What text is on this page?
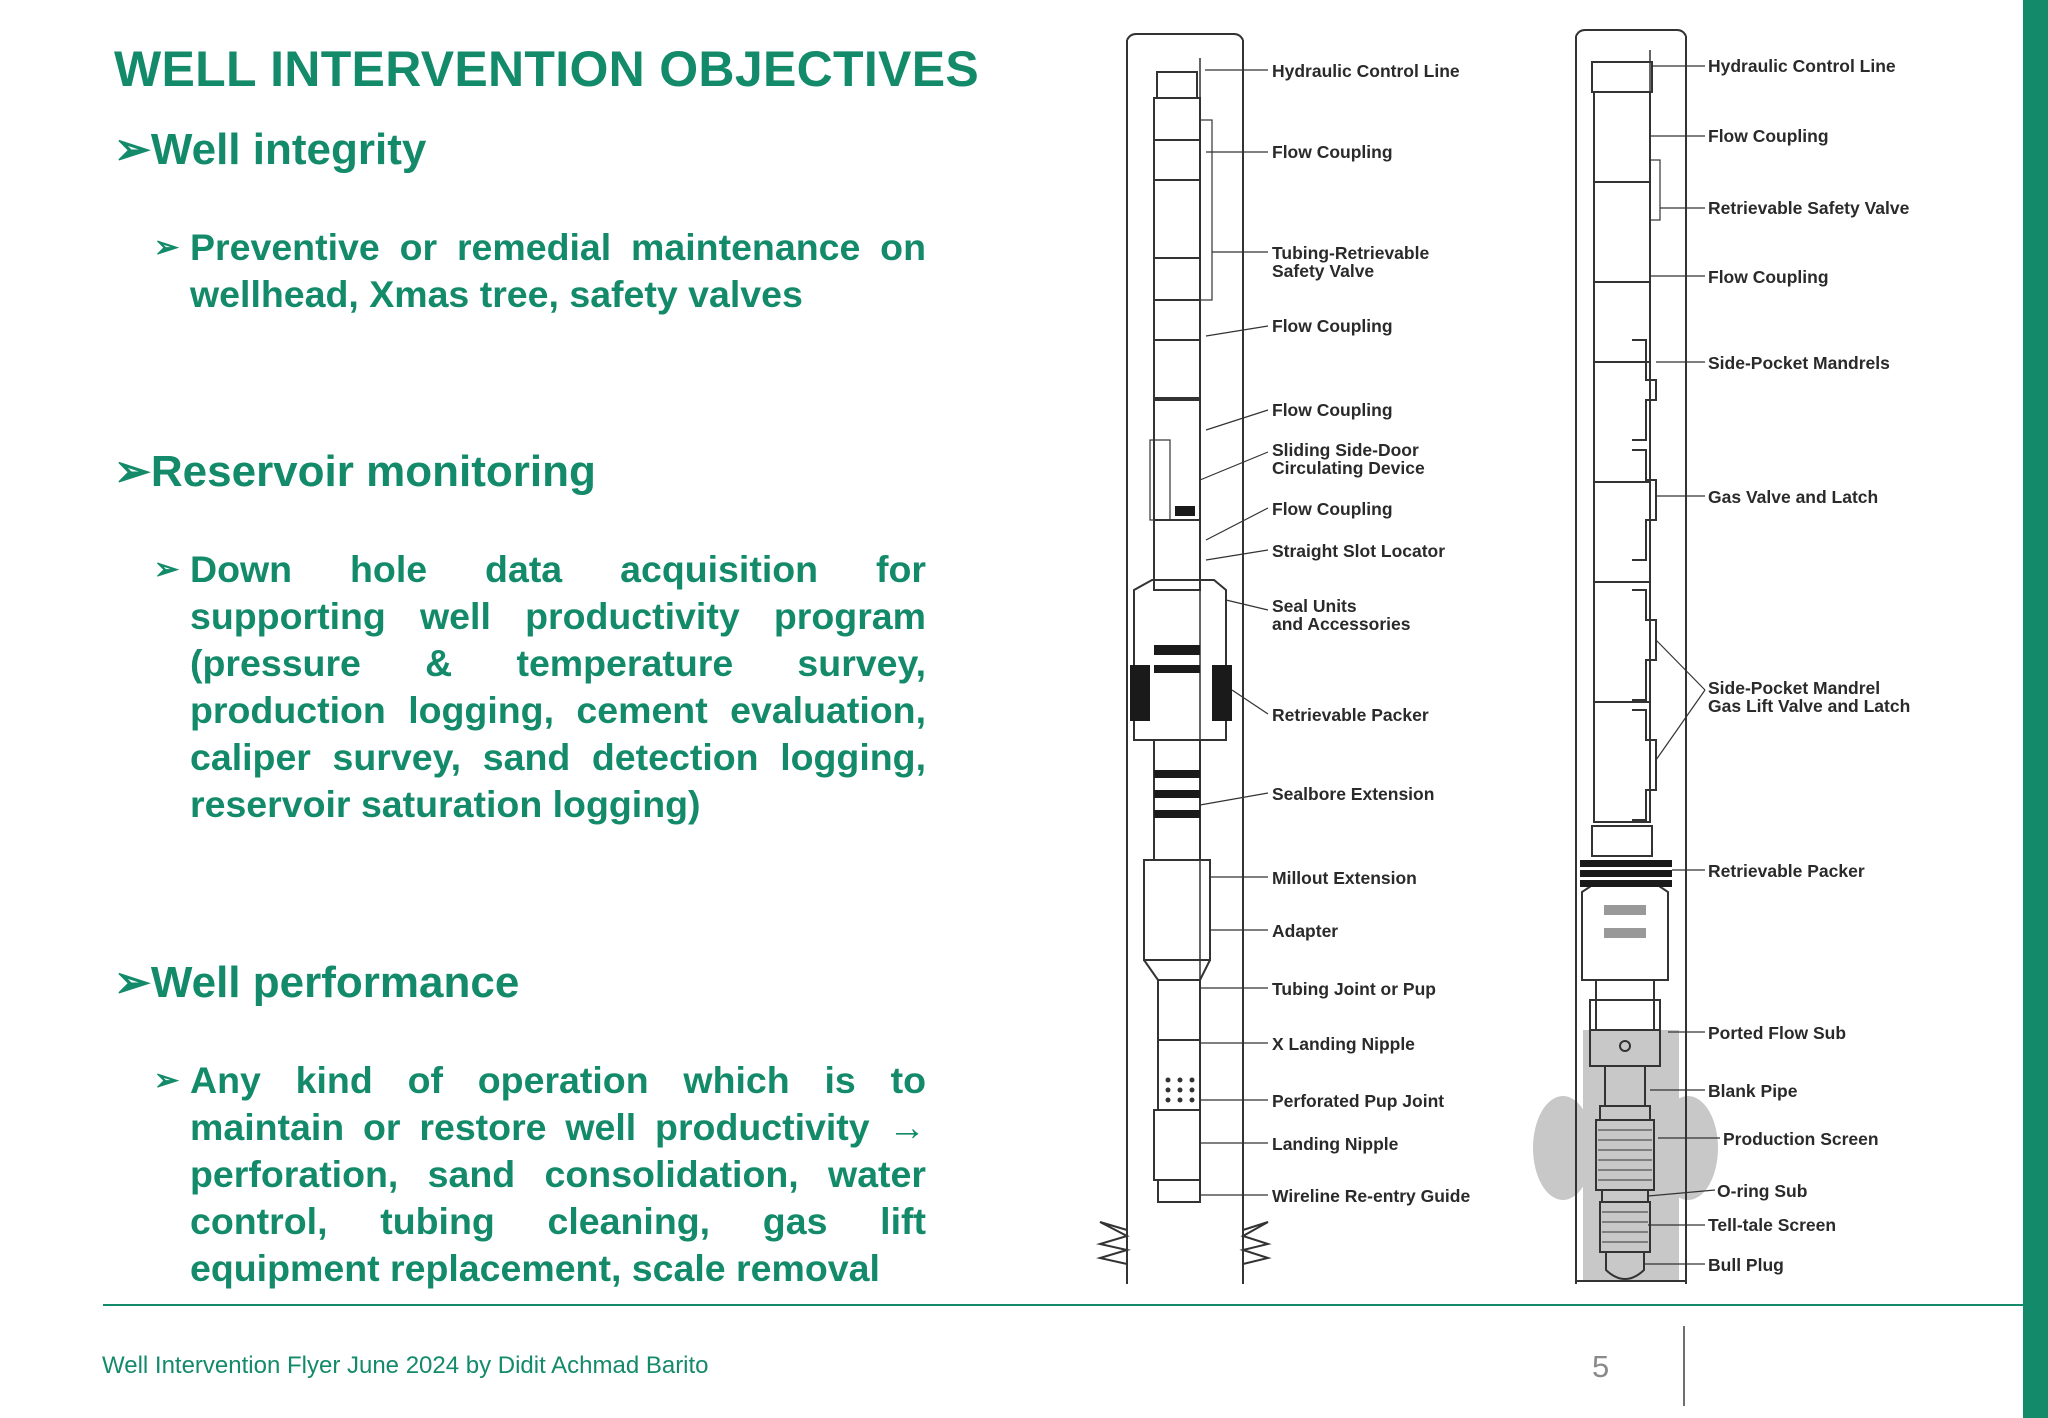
WELL INTERVENTION OBJECTIVES
➢Well integrity
➢ Preventive or remedial maintenance on wellhead, Xmas tree, safety valves
➢Reservoir monitoring
➢ Down hole data acquisition for supporting well productivity program (pressure & temperature survey, production logging, cement evaluation, caliper survey, sand detection logging, reservoir saturation logging)
➢Well performance
➢ Any kind of operation which is to maintain or restore well productivity → perforation, sand consolidation, water control, tubing cleaning, gas lift equipment replacement, scale removal
Hydraulic Control Line
Flow Coupling
Tubing-Retrievable
Safety Valve
Flow Coupling
Flow Coupling
Sliding Side-Door
Circulating Device
Flow Coupling
Straight Slot Locator
Seal Units
and Accessories
Retrievable Packer
Sealbore Extension
Millout Extension
Adapter
Tubing Joint or Pup
X Landing Nipple
Perforated Pup Joint
Landing Nipple
Wireline Re-entry Guide
Hydraulic Control Line
Flow Coupling
Retrievable Safety Valve
Flow Coupling
Side-Pocket Mandrels
Gas Valve and Latch
Side-Pocket Mandrel
Gas Lift Valve and Latch
Retrievable Packer
Ported Flow Sub
Blank Pipe
Production Screen
O-ring Sub
Tell-tale Screen
Bull Plug
Well Intervention Flyer June 2024 by Didit Achmad Barito	5
